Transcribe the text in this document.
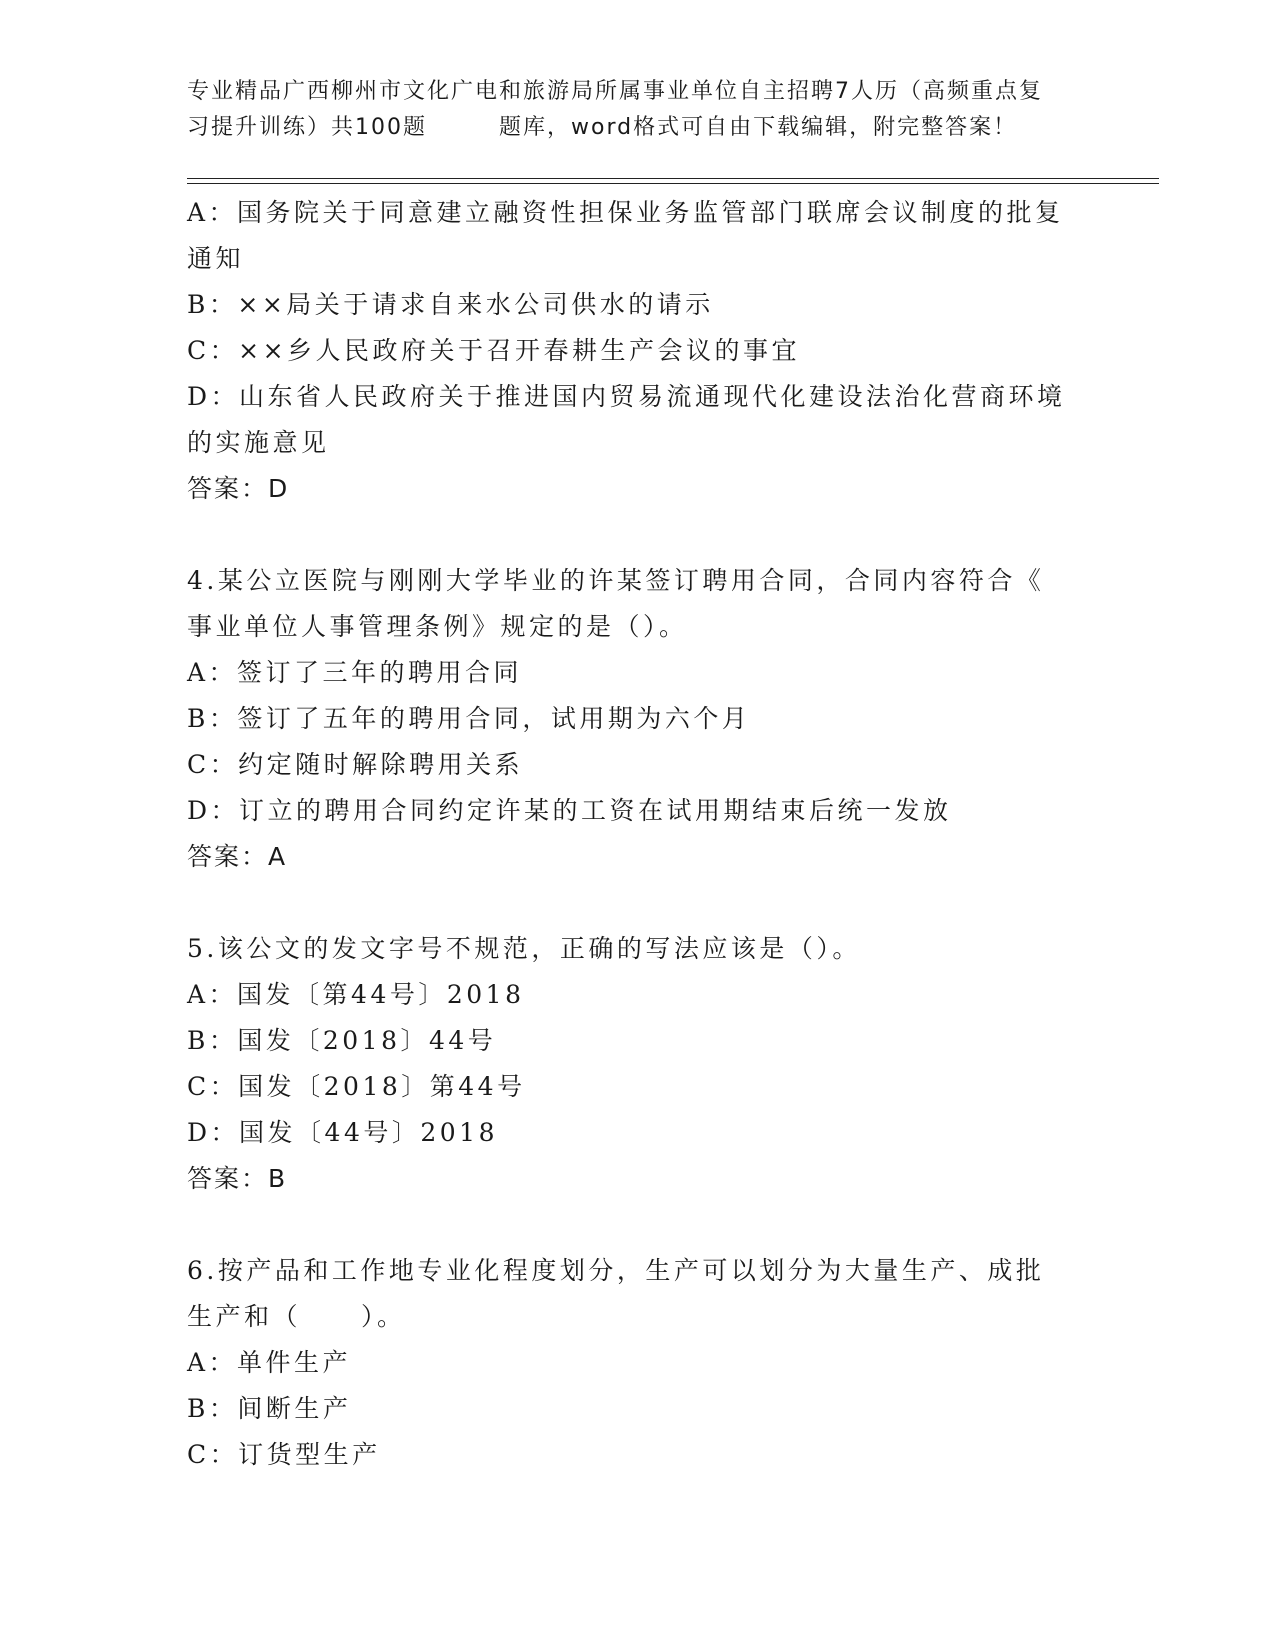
专业精品广西柳州市文化广电和旅游局所属事业单位自主招聘7人历（高频重点复
习提升训练）共100题	题库，word格式可自由下载编辑，附完整答案！
A：国务院关于同意建立融资性担保业务监管部门联席会议制度的批复
通知
B：××局关于请求自来水公司供水的请示
C：××乡人民政府关于召开春耕生产会议的事宜
D：山东省人民政府关于推进国内贸易流通现代化建设法治化营商环境
的实施意见
答案：D
4.某公立医院与刚刚大学毕业的许某签订聘用合同，合同内容符合《
事业单位人事管理条例》规定的是（）。
A：签订了三年的聘用合同
B：签订了五年的聘用合同，试用期为六个月
C：约定随时解除聘用关系
D：订立的聘用合同约定许某的工资在试用期结束后统一发放
答案：A
5.该公文的发文字号不规范，正确的写法应该是（）。
A：国发〔第44号〕2018
B：国发〔2018〕44号
C：国发〔2018〕第44号
D：国发〔44号〕2018
答案：B
6.按产品和工作地专业化程度划分，生产可以划分为大量生产、成批
生产和（ ）。
A：单件生产
B：间断生产
C：订货型生产
